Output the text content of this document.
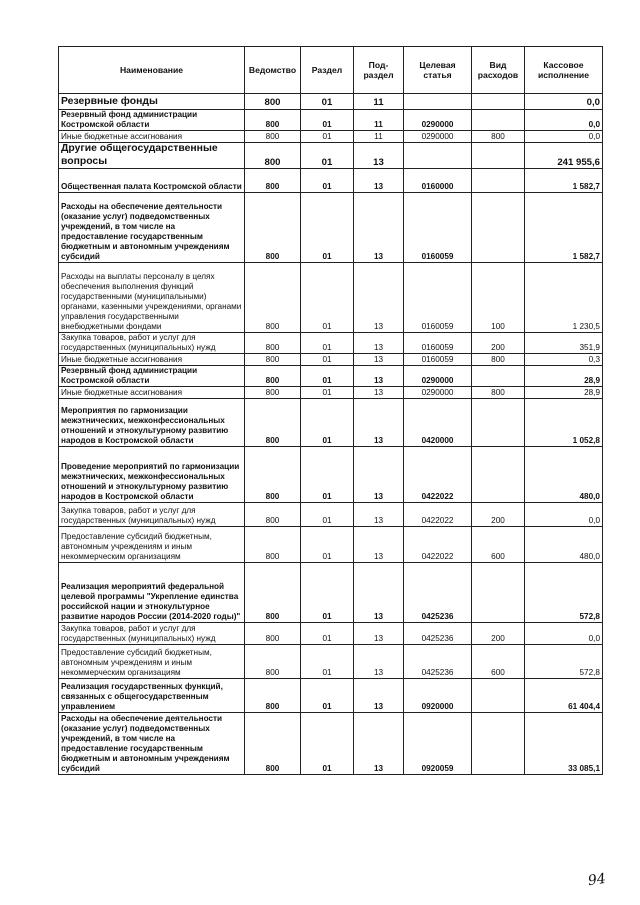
Наименование	Ведомство	Раздел	Под-раздел	Целевая статья	Вид расходов	Кассовое исполнение
Резервные фонды	800	01	11			0,0
Резервный фонд администрации Костромской области	800	01	11	0290000		0,0
Иные бюджетные ассигнования	800	01	11	0290000	800	0,0
Другие общегосударственные вопросы	800	01	13			241 955,6
Общественная палата Костромской области	800	01	13	0160000		1 582,7
Расходы на обеспечение деятельности (оказание услуг) подведомственных учреждений, в том числе на предоставление государственным бюджетным и автономным учреждениям субсидий	800	01	13	0160059		1 582,7
Расходы на выплаты персоналу в целях обеспечения выполнения функций государственными (муниципальными) органами, казенными учреждениями, органами управления государственными внебюджетными фондами	800	01	13	0160059	100	1 230,5
Закупка товаров, работ и услуг для государственных (муниципальных) нужд	800	01	13	0160059	200	351,9
Иные бюджетные ассигнования	800	01	13	0160059	800	0,3
Резервный фонд администрации Костромской области	800	01	13	0290000		28,9
Иные бюджетные ассигнования	800	01	13	0290000	800	28,9
Мероприятия по гармонизации межэтнических, межконфессиональных отношений и этнокультурному развитию народов в Костромской области	800	01	13	0420000		1 052,8
Проведение мероприятий по гармонизации межэтнических, межконфессиональных отношений и этнокультурному развитию народов в Костромской области	800	01	13	0422022		480,0
Закупка товаров, работ и услуг для государственных (муниципальных) нужд	800	01	13	0422022	200	0,0
Предоставление субсидий бюджетным, автономным учреждениям и иным некоммерческим организациям	800	01	13	0422022	600	480,0
Реализация мероприятий федеральной целевой программы "Укрепление единства российской нации и этнокультурное развитие народов России (2014-2020 годы)"	800	01	13	0425236		572,8
Закупка товаров, работ и услуг для государственных (муниципальных) нужд	800	01	13	0425236	200	0,0
Предоставление субсидий бюджетным, автономным учреждениям и иным некоммерческим организациям	800	01	13	0425236	600	572,8
Реализация государственных функций, связанных с общегосударственным управлением	800	01	13	0920000		61 404,4
Расходы на обеспечение деятельности (оказание услуг) подведомственных учреждений, в том числе на предоставление государственным бюджетным и автономным учреждениям субсидий	800	01	13	0920059		33 085,1
94
